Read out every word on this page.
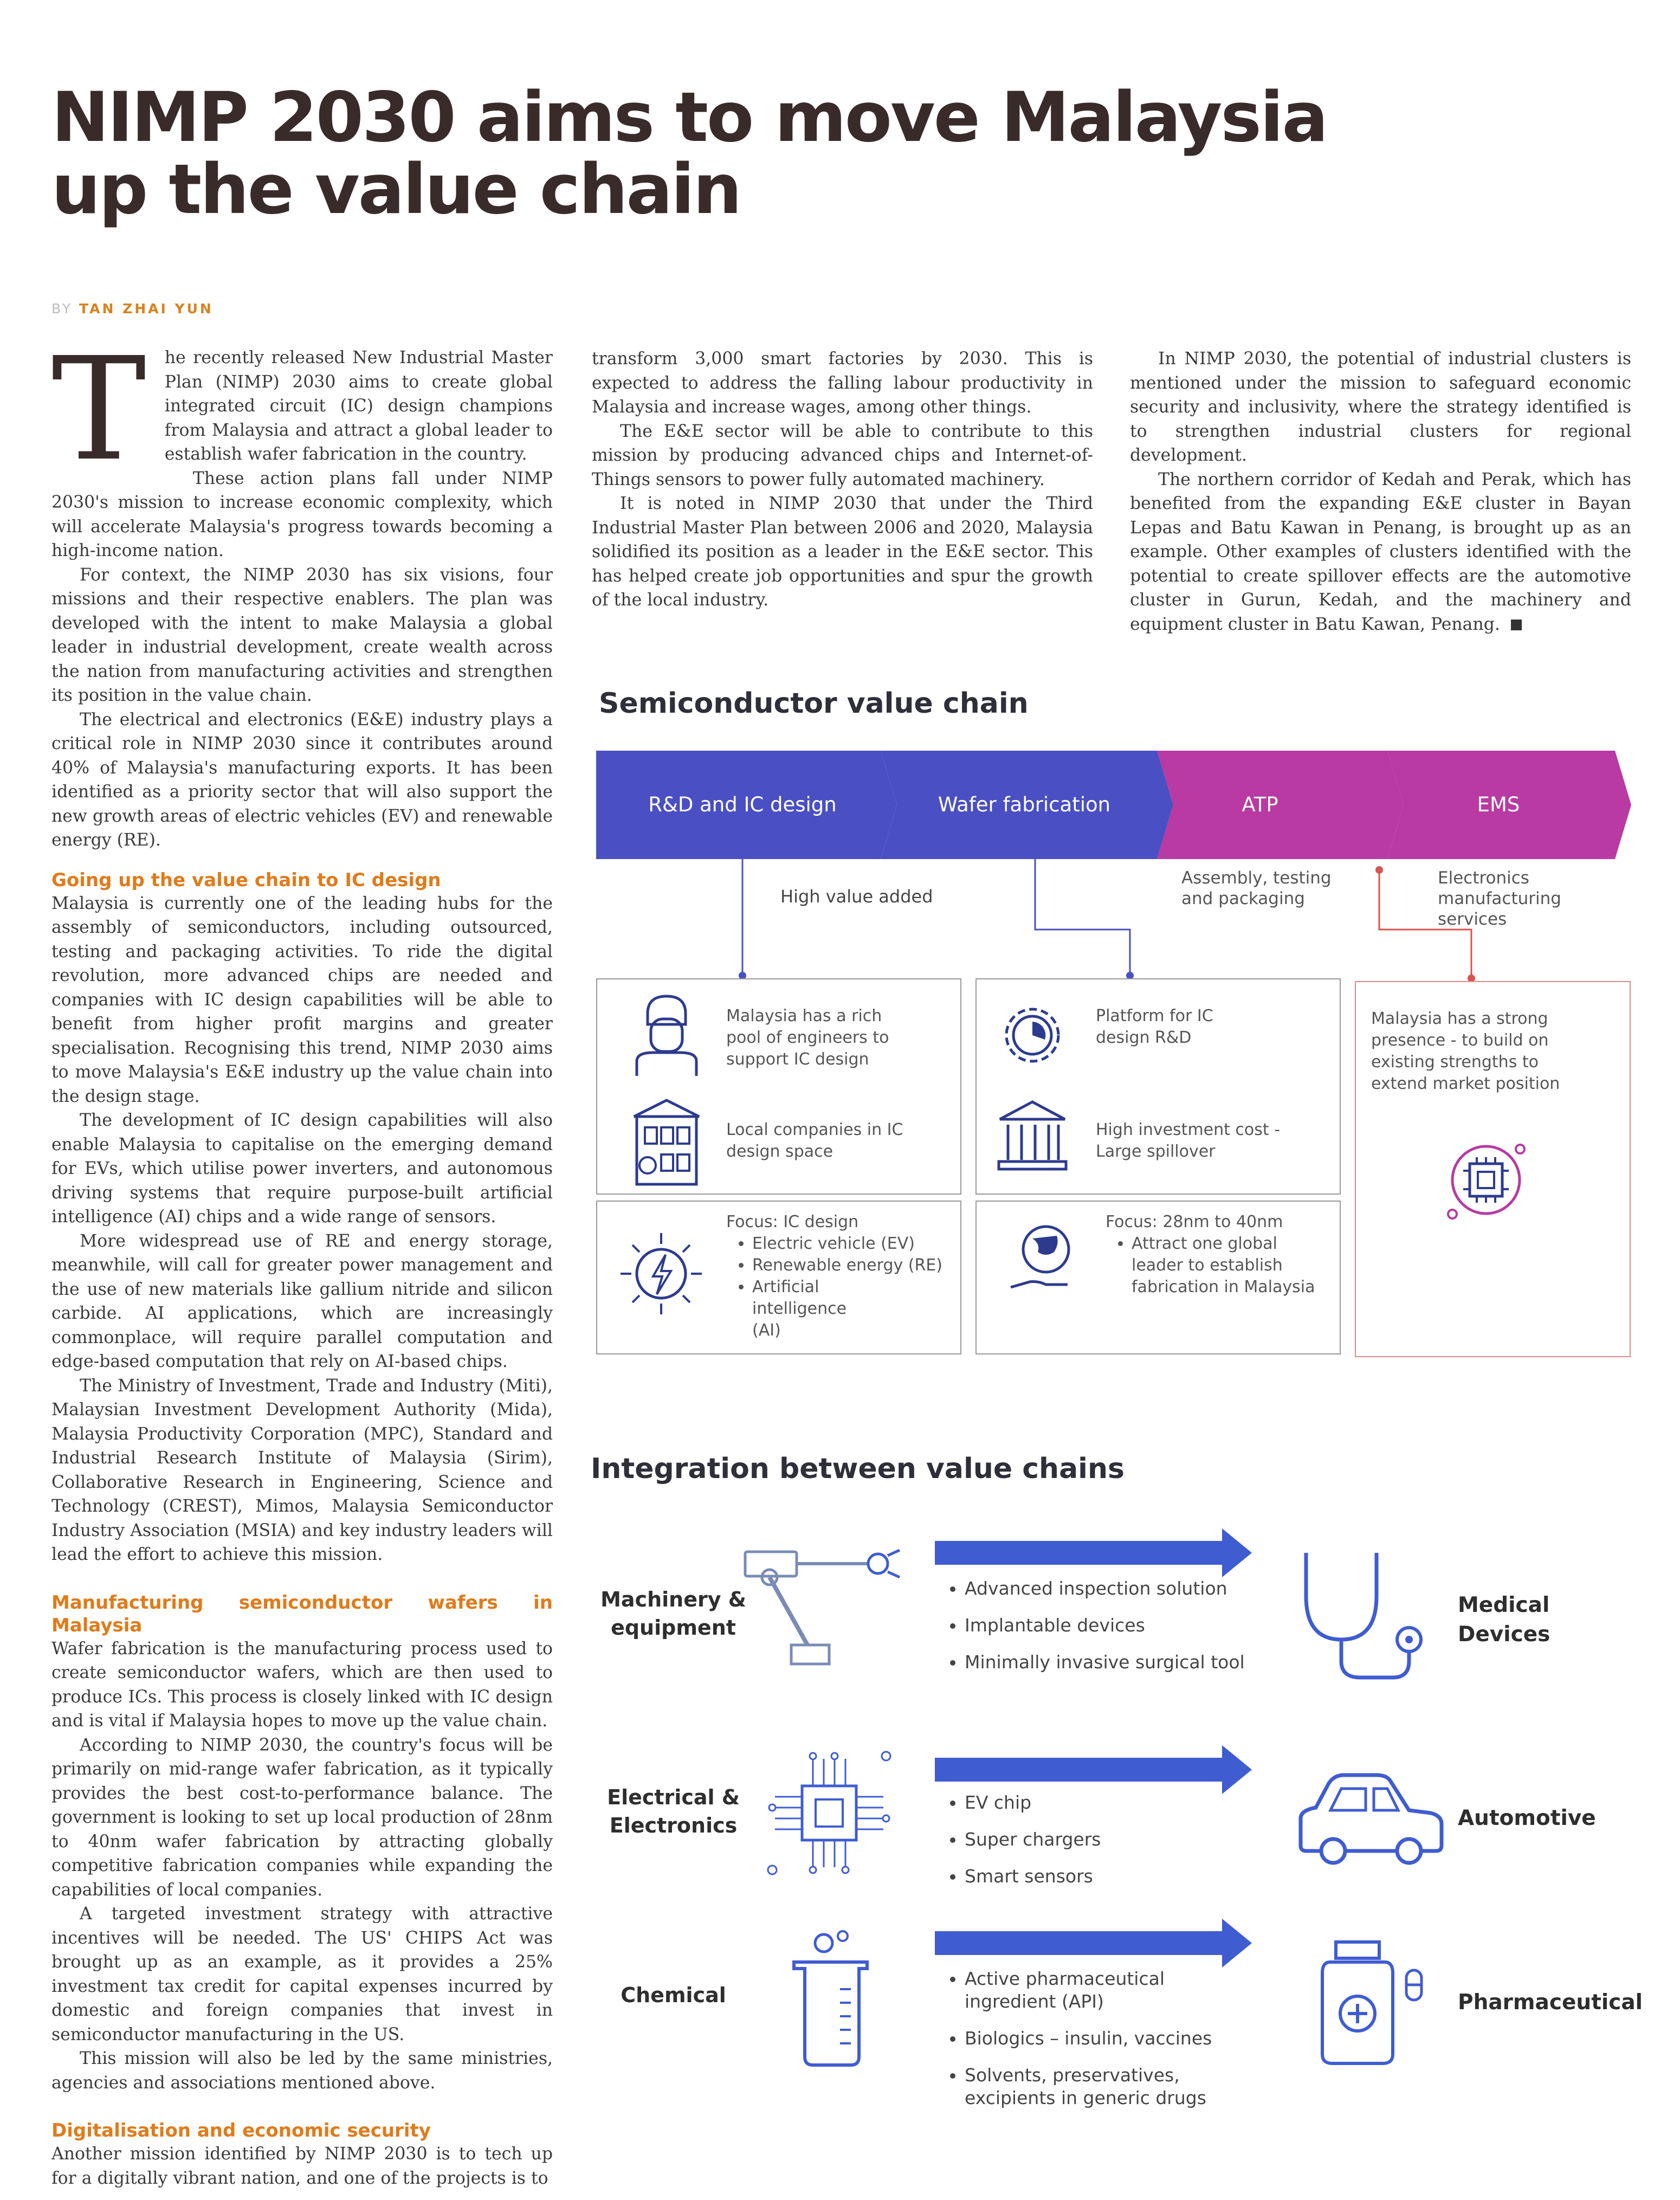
NIMP 2030 aims to move Malaysia
up the value chain
BY TAN ZHAI YUN

T he recently released New Industrial Master Plan (NIMP) 2030 aims to create global integrated circuit (IC) design champions from Malaysia and attract a global leader to establish wafer fabrication in the country.

These action plans fall under NIMP 2030's mission to increase economic complexity, which will accelerate Malaysia's progress towards becoming a high-income nation.

For context, the NIMP 2030 has six visions, four missions and their respective enablers. The plan was developed with the intent to make Malaysia a global leader in industrial development, create wealth across the nation from manufacturing activities and strengthen its position in the value chain.

The electrical and electronics (E&E) industry plays a critical role in NIMP 2030 since it contributes around 40% of Malaysia's manufacturing exports. It has been identified as a priority sector that will also support the new growth areas of electric vehicles (EV) and renewable energy (RE).

Going up the value chain to IC design

Malaysia is currently one of the leading hubs for the assembly of semiconductors, including outsourced, testing and packaging activities. To ride the digital revolution, more advanced chips are needed and companies with IC design capabilities will be able to benefit from higher profit margins and greater specialisation. Recognising this trend, NIMP 2030 aims to move Malaysia's E&E industry up the value chain into the design stage.

The development of IC design capabilities will also enable Malaysia to capitalise on the emerging demand for EVs, which utilise power inverters, and autonomous driving systems that require purpose-built artificial intelligence (AI) chips and a wide range of sensors.

More widespread use of RE and energy storage, meanwhile, will call for greater power management and the use of new materials like gallium nitride and silicon carbide. AI applications, which are increasingly commonplace, will require parallel computation and edge-based computation that rely on AI-based chips.

The Ministry of Investment, Trade and Industry (Miti), Malaysian Investment Development Authority (Mida), Malaysia Productivity Corporation (MPC), Standard and Industrial Research Institute of Malaysia (Sirim), Collaborative Research in Engineering, Science and Technology (CREST), Mimos, Malaysia Semiconductor Industry Association (MSIA) and key industry leaders will lead the effort to achieve this mission.

Manufacturing semiconductor wafers in Malaysia

Wafer fabrication is the manufacturing process used to create semiconductor wafers, which are then used to produce ICs. This process is closely linked with IC design and is vital if Malaysia hopes to move up the value chain.

According to NIMP 2030, the country's focus will be primarily on mid-range wafer fabrication, as it typically provides the best cost-to-performance balance. The government is looking to set up local production of 28nm to 40nm wafer fabrication by attracting globally competitive fabrication companies while expanding the capabilities of local companies.

A targeted investment strategy with attractive incentives will be needed. The US' CHIPS Act was brought up as an example, as it provides a 25% investment tax credit for capital expenses incurred by domestic and foreign companies that invest in semiconductor manufacturing in the US.

This mission will also be led by the same ministries, agencies and associations mentioned above.

Digitalisation and economic security

Another mission identified by NIMP 2030 is to tech up for a digitally vibrant nation, and one of the projects is to

transform 3,000 smart factories by 2030. This is expected to address the falling labour productivity in Malaysia and increase wages, among other things.

The E&E sector will be able to contribute to this mission by producing advanced chips and Internet-of-Things sensors to power fully automated machinery.

It is noted in NIMP 2030 that under the Third Industrial Master Plan between 2006 and 2020, Malaysia solidified its position as a leader in the E&E sector. This has helped create job opportunities and spur the growth of the local industry.

In NIMP 2030, the potential of industrial clusters is mentioned under the mission to safeguard economic security and inclusivity, where the strategy identified is to strengthen industrial clusters for regional development.

The northern corridor of Kedah and Perak, which has benefited from the expanding E&E cluster in Bayan Lepas and Batu Kawan in Penang, is brought up as an example. Other examples of clusters identified with the potential to create spillover effects are the automotive cluster in Gurun, Kedah, and the machinery and equipment cluster in Batu Kawan, Penang.

Semiconductor value chain
R&D and IC design	Wafer fabrication	ATP	EMS
High value added
Assembly, testing
and packaging
Electronics
manufacturing
services
Malaysia has a rich pool of engineers to support IC design
Local companies in IC design space
Focus: IC design
• Electric vehicle (EV)
• Renewable energy (RE)
• Artificial intelligence (AI)
Platform for IC design R&D
High investment cost - Large spillover
Focus: 28nm to 40nm
• Attract one global leader to establish fabrication in Malaysia
Malaysia has a strong presence - to build on existing strengths to extend market position
Integration between value chains
Machinery &
equipment
Electrical &
Electronics
Chemical
• Advanced inspection solution
• Implantable devices
• Minimally invasive surgical tool
• EV chip
• Super chargers
• Smart sensors
• Active pharmaceutical ingredient (API)
• Biologics – insulin, vaccines
• Solvents, preservatives, excipients in generic drugs
Medical
Devices
Automotive
Pharmaceutical
